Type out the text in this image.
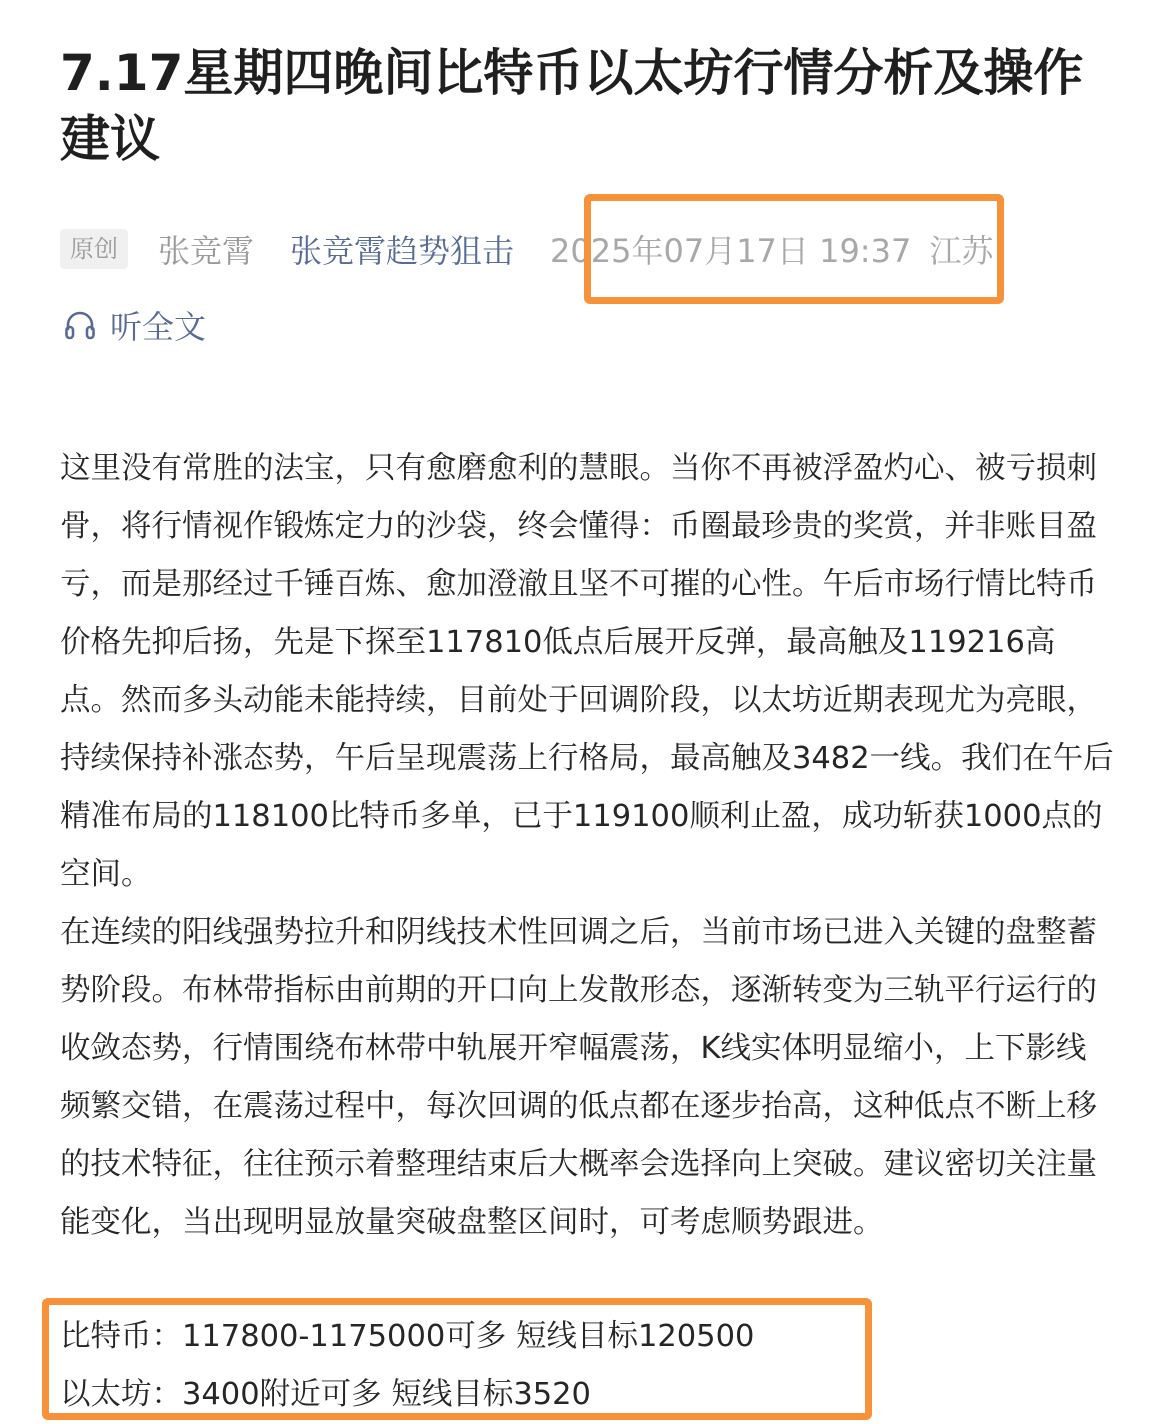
7.17星期四晚间比特币以太坊行情分析及操作建议
原创	张竞霄 张竞霄趋势狙击 2025年07月17日 19:37 江苏
听全文

这里没有常胜的法宝，只有愈磨愈利的慧眼。当你不再被浮盈灼心、被亏损刺骨，将行情视作锻炼定力的沙袋，终会懂得：币圈最珍贵的奖赏，并非账目盈亏，而是那经过千锤百炼、愈加澄澈且坚不可摧的心性。午后市场行情比特币价格先抑后扬，先是下探至117810低点后展开反弹，最高触及119216高点。然而多头动能未能持续，目前处于回调阶段，以太坊近期表现尤为亮眼，持续保持补涨态势，午后呈现震荡上行格局，最高触及3482一线。我们在午后精准布局的118100比特币多单，已于119100顺利止盈，成功斩获1000点的空间。

在连续的阳线强势拉升和阴线技术性回调之后，当前市场已进入关键的盘整蓄势阶段。布林带指标由前期的开口向上发散形态，逐渐转变为三轨平行运行的收敛态势，行情围绕布林带中轨展开窄幅震荡，K线实体明显缩小，上下影线频繁交错，在震荡过程中，每次回调的低点都在逐步抬高，这种低点不断上移的技术特征，往往预示着整理结束后大概率会选择向上突破。建议密切关注量能变化，当出现明显放量突破盘整区间时，可考虑顺势跟进。

比特币：117800-1175000可多 短线目标120500

以太坊：3400附近可多 短线目标3520
